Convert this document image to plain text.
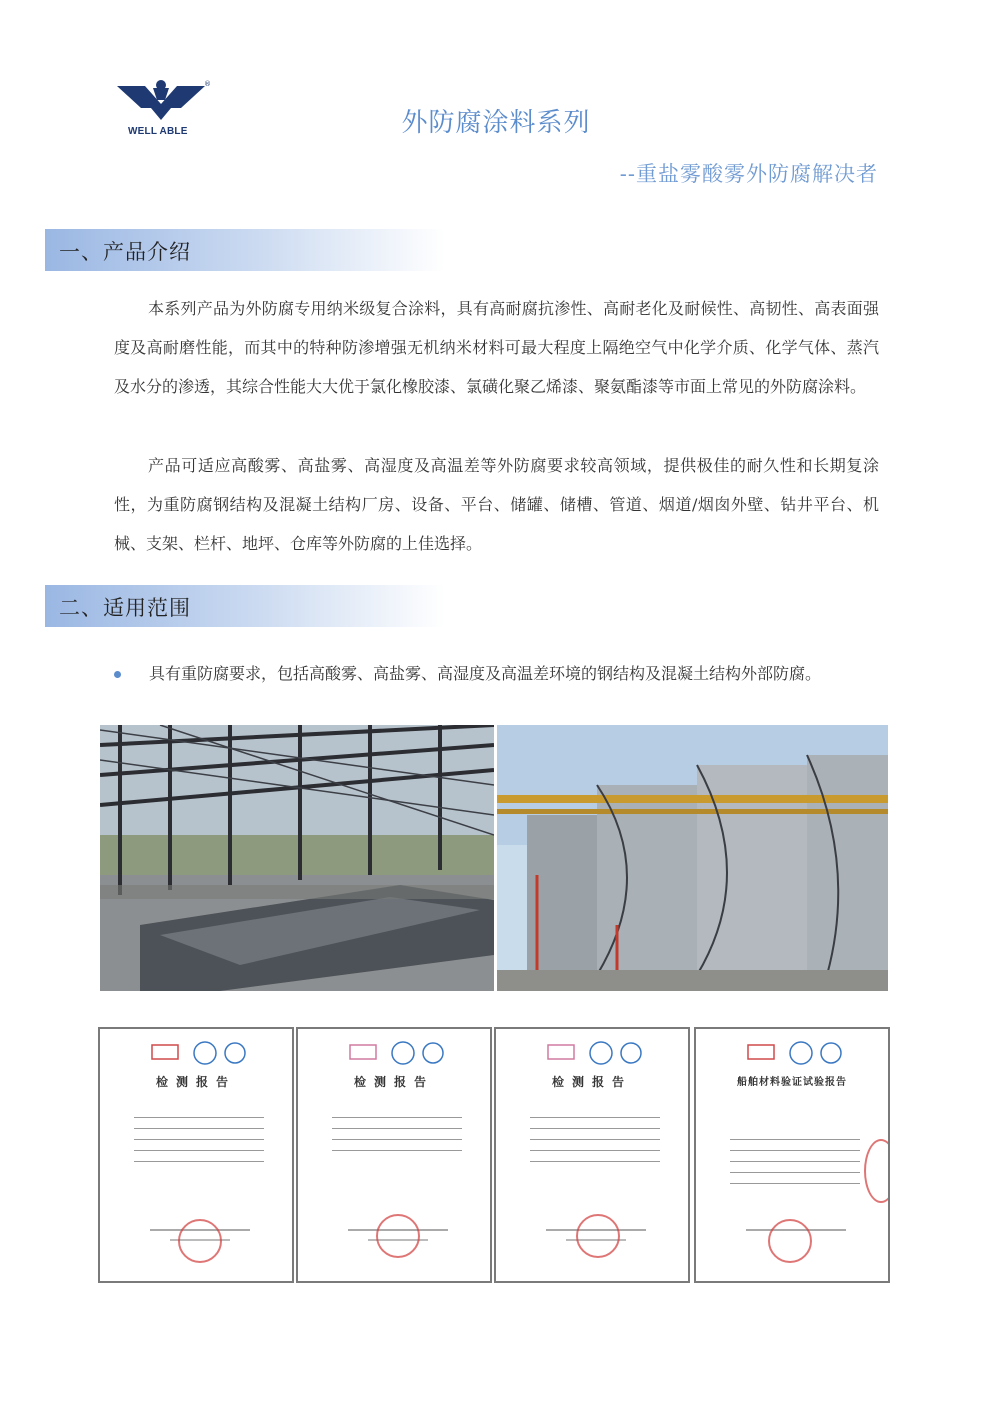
®
WELL ABLE	外防腐涂料系列
--重盐雾酸雾外防腐解决者
一、产品介绍

本系列产品为外防腐专用纳米级复合涂料，具有高耐腐抗渗性、高耐老化及耐候性、高韧性、高表面强度及高耐磨性能，而其中的特种防渗增强无机纳米材料可最大程度上隔绝空气中化学介质、化学气体、蒸汽及水分的渗透，其综合性能大大优于氯化橡胶漆、氯磺化聚乙烯漆、聚氨酯漆等市面上常见的外防腐涂料。

产品可适应高酸雾、高盐雾、高湿度及高温差等外防腐要求较高领域，提供极佳的耐久性和长期复涂性，为重防腐钢结构及混凝土结构厂房、设备、平台、储罐、储槽、管道、烟道/烟囱外壁、钻井平台、机械、支架、栏杆、地坪、仓库等外防腐的上佳选择。

二、适用范围
具有重防腐要求，包括高酸雾、高盐雾、高湿度及高温差环境的钢结构及混凝土结构外部防腐。
检测报告	检测报告	检测报告	船舶材料验证试验报告
